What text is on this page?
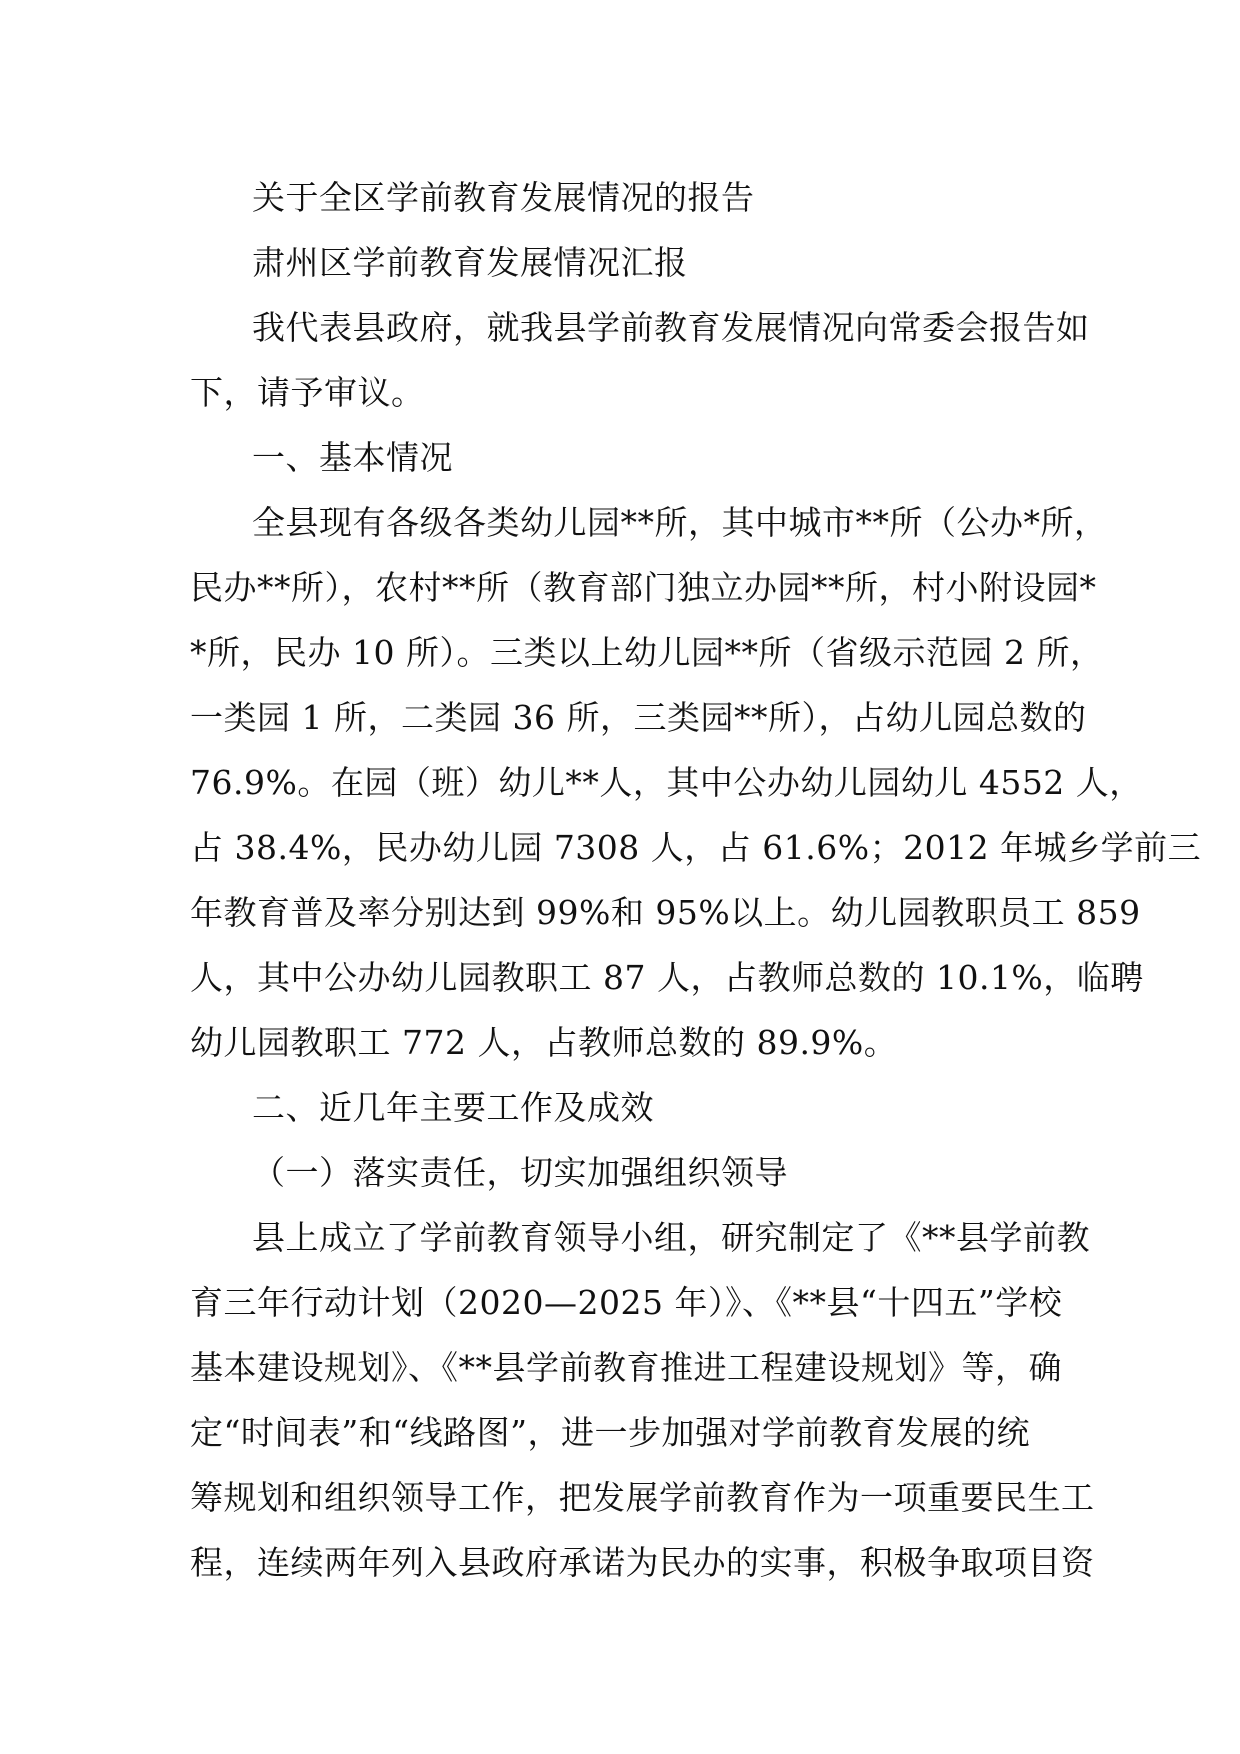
关于全区学前教育发展情况的报告
肃州区学前教育发展情况汇报
我代表县政府，就我县学前教育发展情况向常委会报告如
下，请予审议。
一、基本情况
全县现有各级各类幼儿园**所，其中城市**所（公办*所，
民办**所），农村**所（教育部门独立办园**所，村小附设园*
*所，民办 10 所）。三类以上幼儿园**所（省级示范园 2 所，
一类园 1 所，二类园 36 所，三类园**所），占幼儿园总数的
76.9%。在园（班）幼儿**人，其中公办幼儿园幼儿 4552 人，
占 38.4%，民办幼儿园 7308 人，占 61.6%；2012 年城乡学前三
年教育普及率分别达到 99%和 95%以上。幼儿园教职员工 859
人，其中公办幼儿园教职工 87 人，占教师总数的 10.1%，临聘
幼儿园教职工 772 人，占教师总数的 89.9%。
二、近几年主要工作及成效
（一）落实责任，切实加强组织领导
县上成立了学前教育领导小组，研究制定了《**县学前教
育三年行动计划（2020—2025 年）》、《**县“十四五”学校
基本建设规划》、《**县学前教育推进工程建设规划》等，确
定“时间表”和“线路图”，进一步加强对学前教育发展的统
筹规划和组织领导工作，把发展学前教育作为一项重要民生工
程，连续两年列入县政府承诺为民办的实事，积极争取项目资
